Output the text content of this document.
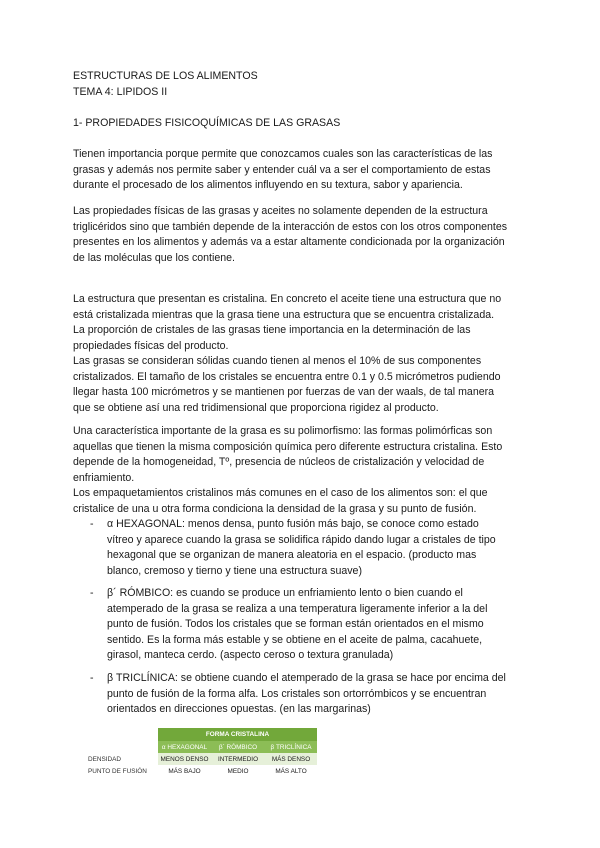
ESTRUCTURAS DE LOS ALIMENTOS
TEMA 4: LIPIDOS II
1- PROPIEDADES FISICOQUÍMICAS DE LAS GRASAS
Tienen importancia porque permite que conozcamos cuales son las características de las
grasas y además nos permite saber y entender cuál va a ser el comportamiento de estas
durante el procesado de los alimentos influyendo en su textura, sabor y apariencia.
Las propiedades físicas de las grasas y aceites no solamente dependen de la estructura
triglicéridos sino que también depende de la interacción de estos con los otros componentes
presentes en los alimentos y además va a estar altamente condicionada por la organización
de las moléculas que los contiene.
La estructura que presentan es cristalina. En concreto el aceite tiene una estructura que no
está cristalizada mientras que la grasa tiene una estructura que se encuentra cristalizada.
La proporción de cristales de las grasas tiene importancia en la determinación de las
propiedades físicas del producto.
Las grasas se consideran sólidas cuando tienen al menos el 10% de sus componentes
cristalizados. El tamaño de los cristales se encuentra entre 0.1 y 0.5 micrómetros pudiendo
llegar hasta 100 micrómetros y se mantienen por fuerzas de van der waals, de tal manera
que se obtiene así una red tridimensional que proporciona rigidez al producto.
Una característica importante de la grasa es su polimorfismo: las formas polimórficas son
aquellas que tienen la misma composición química pero diferente estructura cristalina. Esto
depende de la homogeneidad, Tº, presencia de núcleos de cristalización y velocidad de
enfriamiento.
Los empaquetamientos cristalinos más comunes en el caso de los alimentos son: el que
cristalice de una u otra forma condiciona la densidad de la grasa y su punto de fusión.
- α HEXAGONAL: menos densa, punto fusión más bajo, se conoce como estado
vítreo y aparece cuando la grasa se solidifica rápido dando lugar a cristales de tipo
hexagonal que se organizan de manera aleatoria en el espacio. (producto mas
blanco, cremoso y tierno y tiene una estructura suave)
- β´ RÓMBICO: es cuando se produce un enfriamiento lento o bien cuando el
atemperado de la grasa se realiza a una temperatura ligeramente inferior a la del
punto de fusión. Todos los cristales que se forman están orientados en el mismo
sentido. Es la forma más estable y se obtiene en el aceite de palma, cacahuete,
girasol, manteca cerdo. (aspecto ceroso o textura granulada)
- β TRICLÍNICA: se obtiene cuando el atemperado de la grasa se hace por encima del
punto de fusión de la forma alfa. Los cristales son ortorrómbicos y se encuentran
orientados en direcciones opuestas. (en las margarinas)
	FORMA CRISTALINA		
	α HEXAGONAL	β´ RÓMBICO	β TRICLÍNICA
DENSIDAD	MENOS DENSO	INTERMEDIO	MÁS DENSO
PUNTO DE FUSIÓN	MÁS BAJO	MEDIO	MÁS ALTO
